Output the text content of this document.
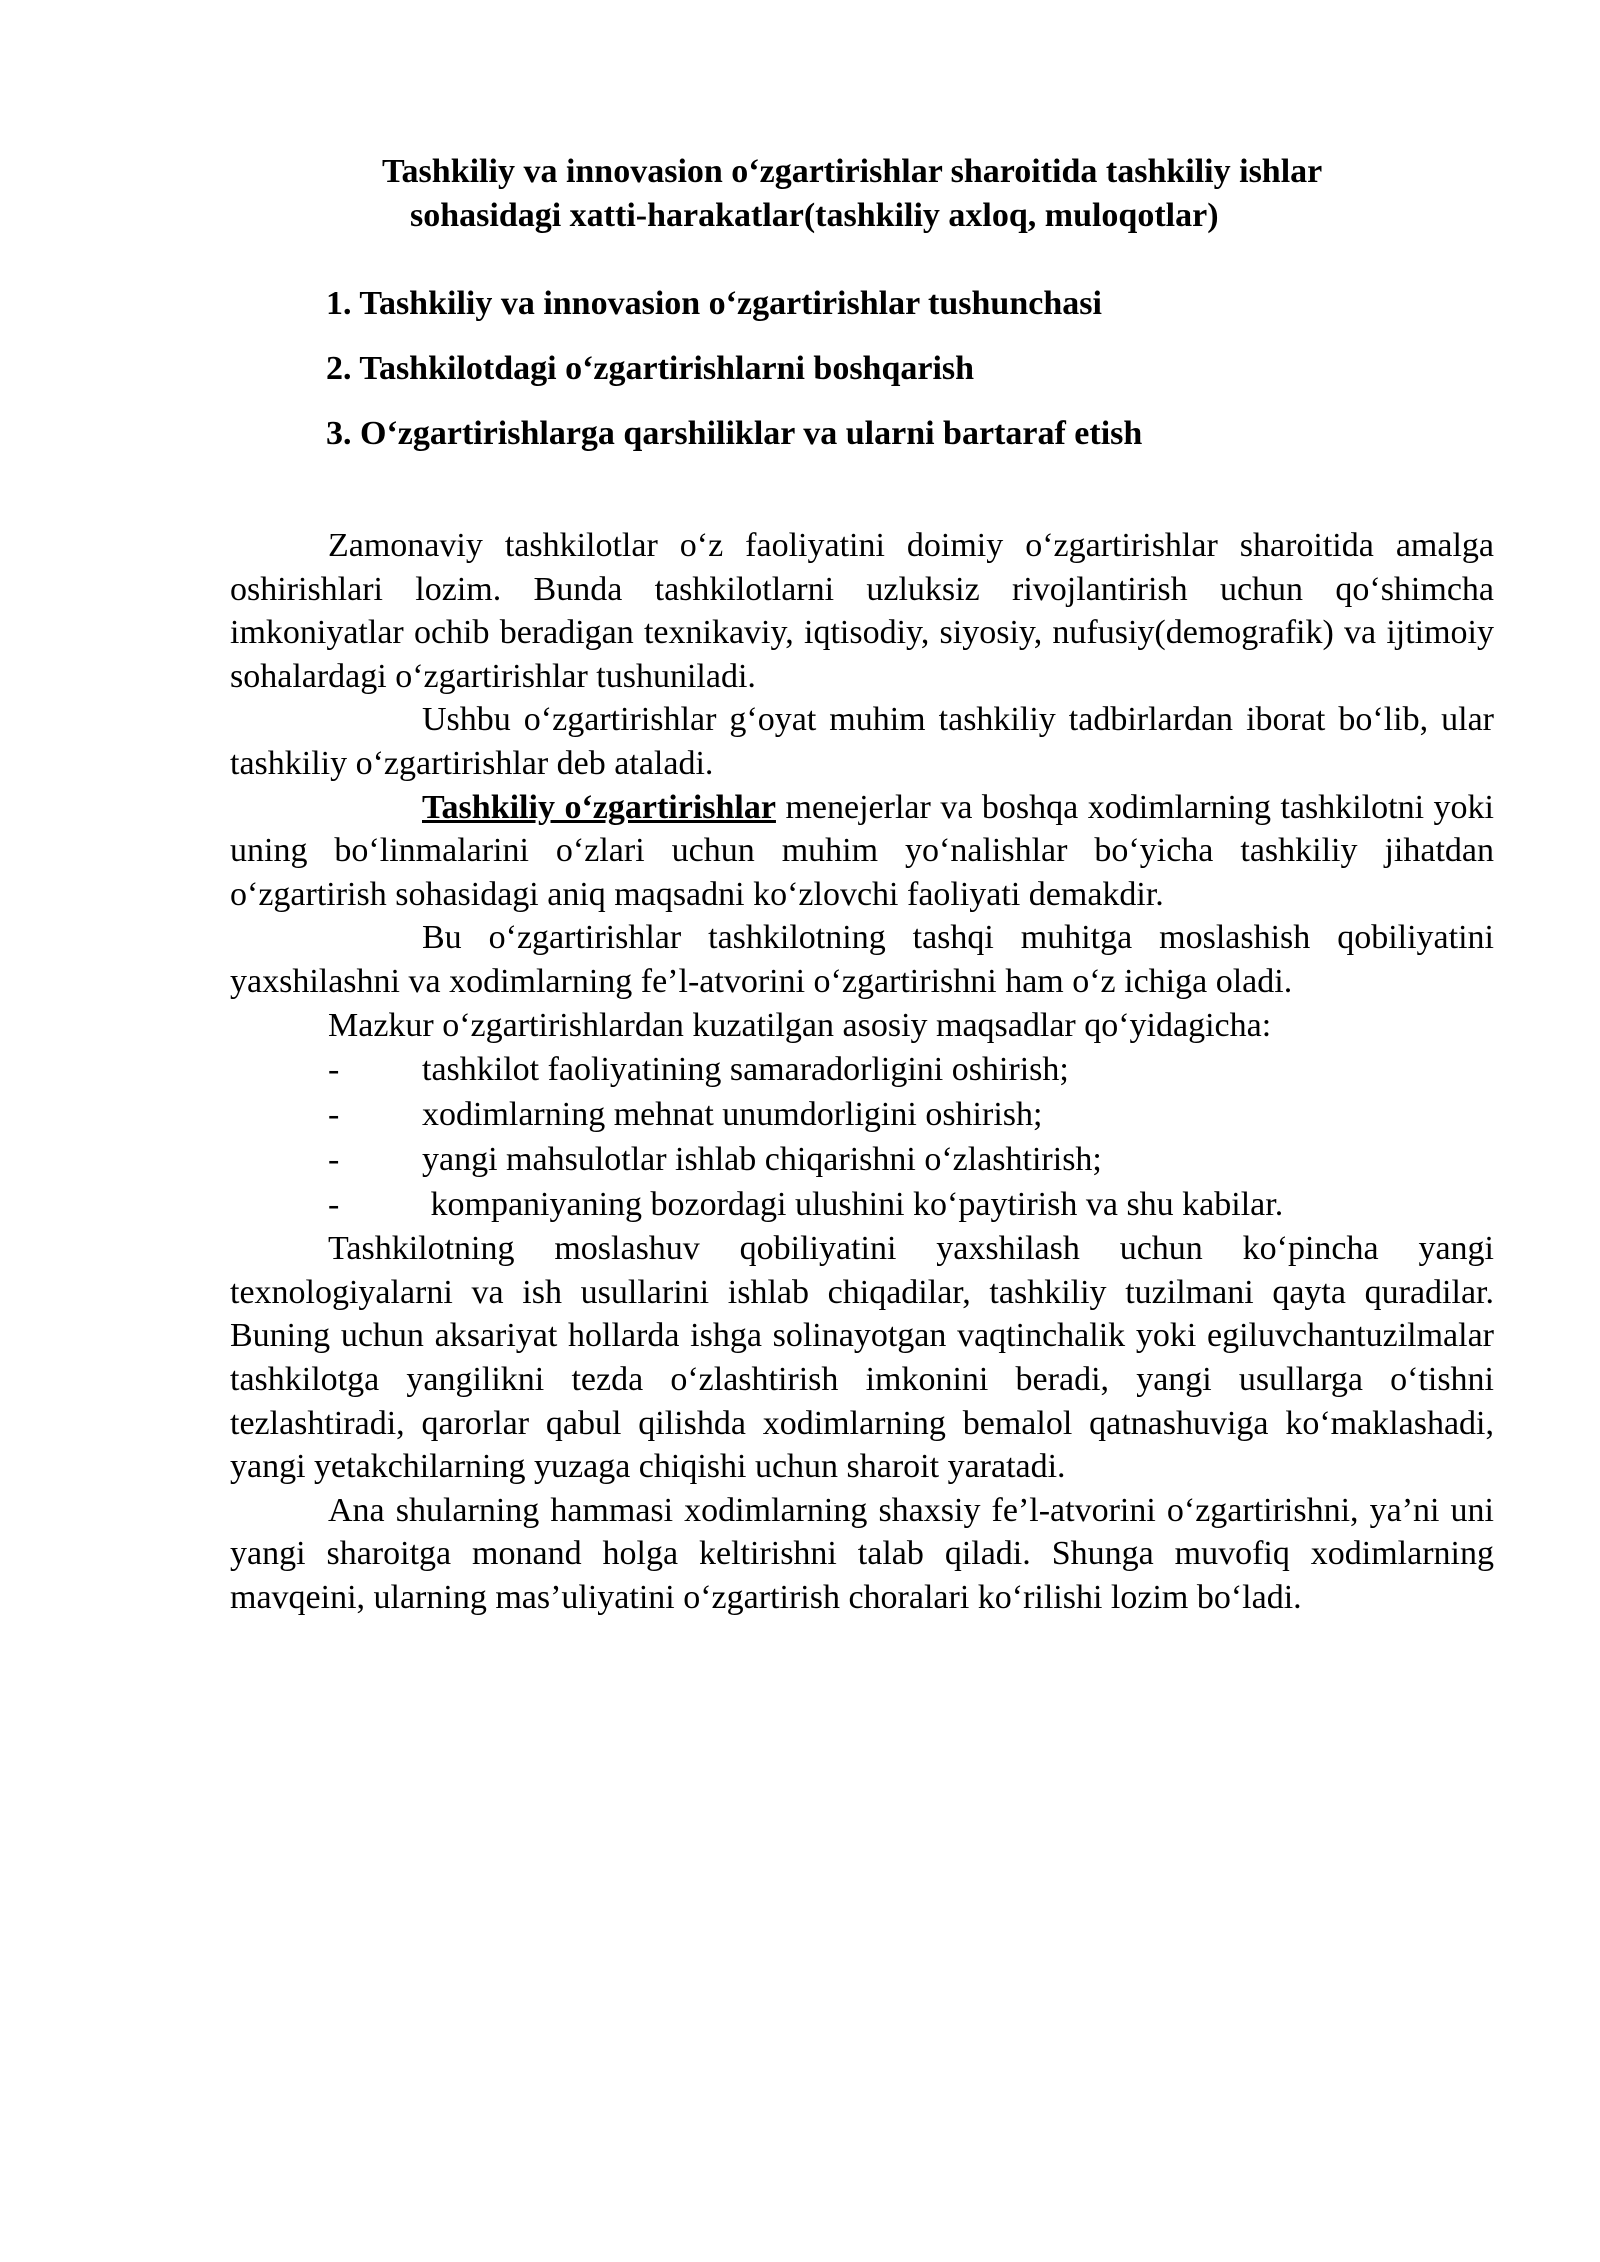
Tashkiliy va innovasion o‘zgartirishlar sharoitida tashkiliy ishlar
sohasidagi xatti-harakatlar(tashkiliy axloq, muloqotlar)
1. Tashkiliy va innovasion o‘zgartirishlar tushunchasi
2. Tashkilotdagi o‘zgartirishlarni boshqarish
3. O‘zgartirishlarga qarshiliklar va ularni bartaraf etish

Zamonaviy tashkilotlar o‘z faoliyatini doimiy o‘zgartirishlar sharoitida amalga oshirishlari lozim. Bunda tashkilotlarni uzluksiz rivojlantirish uchun qo‘shimcha imkoniyatlar ochib beradigan texnikaviy, iqtisodiy, siyosiy, nufusiy(demografik) va ijtimoiy sohalardagi o‘zgartirishlar tushuniladi.

Ushbu o‘zgartirishlar g‘oyat muhim tashkiliy tadbirlardan iborat bo‘lib, ular tashkiliy o‘zgartirishlar deb ataladi.

Tashkiliy o‘zgartirishlar menejerlar va boshqa xodimlarning tashkilotni yoki uning bo‘linmalarini o‘zlari uchun muhim yo‘nalishlar bo‘yicha tashkiliy jihatdan o‘zgartirish sohasidagi aniq maqsadni ko‘zlovchi faoliyati demakdir.

Bu o‘zgartirishlar tashkilotning tashqi muhitga moslashish qobiliyatini yaxshilashni va xodimlarning fe’l-atvorini o‘zgartirishni ham o‘z ichiga oladi.

Mazkur o‘zgartirishlardan kuzatilgan asosiy maqsadlar qo‘yidagicha:

- tashkilot faoliyatining samaradorligini oshirish;

- xodimlarning mehnat unumdorligini oshirish;

- yangi mahsulotlar ishlab chiqarishni o‘zlashtirish;

- kompaniyaning bozordagi ulushini ko‘paytirish va shu kabilar.

Tashkilotning moslashuv qobiliyatini yaxshilash uchun ko‘pincha yangi texnologiyalarni va ish usullarini ishlab chiqadilar, tashkiliy tuzilmani qayta quradilar. Buning uchun aksariyat hollarda ishga solinayotgan vaqtinchalik yoki egiluvchantuzilmalar tashkilotga yangilikni tezda o‘zlashtirish imkonini beradi, yangi usullarga o‘tishni tezlashtiradi, qarorlar qabul qilishda xodimlarning bemalol qatnashuviga ko‘maklashadi, yangi yetakchilarning yuzaga chiqishi uchun sharoit yaratadi.

Ana shularning hammasi xodimlarning shaxsiy fe’l-atvorini o‘zgartirishni, ya’ni uni yangi sharoitga monand holga keltirishni talab qiladi. Shunga muvofiq xodimlarning mavqeini, ularning mas’uliyatini o‘zgartirish choralari ko‘rilishi lozim bo‘ladi.
